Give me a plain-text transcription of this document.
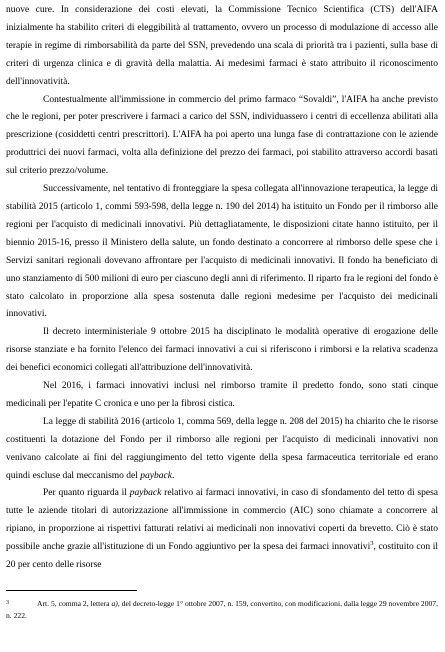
nuove cure. In considerazione dei costi elevati, la Commissione Tecnico Scientifica (CTS) dell'AIFA inizialmente ha stabilito criteri di eleggibilità al trattamento, ovvero un processo di modulazione di accesso alle terapie in regime di rimborsabilità da parte del SSN, prevedendo una scala di priorità tra i pazienti, sulla base di criteri di urgenza clinica e di gravità della malattia. Ai medesimi farmaci è stato attribuito il riconoscimento dell'innovatività.

Contestualmente all'immissione in commercio del primo farmaco “Sovaldi”, l'AIFA ha anche previsto che le regioni, per poter prescrivere i farmaci a carico del SSN, individuassero i centri di eccellenza abilitati alla prescrizione (cosiddetti centri prescrittori). L'AIFA ha poi aperto una lunga fase di contrattazione con le aziende produttrici dei nuovi farmaci, volta alla definizione del prezzo dei farmaci, poi stabilito attraverso accordi basati sul criterio prezzo/volume.

Successivamente, nel tentativo di fronteggiare la spesa collegata all'innovazione terapeutica, la legge di stabilità 2015 (articolo 1, commi 593-598, della legge n. 190 del 2014) ha istituito un Fondo per il rimborso alle regioni per l'acquisto di medicinali innovativi. Più dettagliatamente, le disposizioni citate hanno istituito, per il biennio 2015-16, presso il Ministero della salute, un fondo destinato a concorrere al rimborso delle spese che i Servizi sanitari regionali dovevano affrontare per l'acquisto di medicinali innovativi. Il fondo ha beneficiato di uno stanziamento di 500 milioni di euro per ciascuno degli anni di riferimento. Il riparto fra le regioni del fondo è stato calcolato in proporzione alla spesa sostenuta dalle regioni medesime per l'acquisto dei medicinali innovativi.

Il decreto interministeriale 9 ottobre 2015 ha disciplinato le modalità operative di erogazione delle risorse stanziate e ha fornito l'elenco dei farmaci innovativi a cui si riferiscono i rimborsi e la relativa scadenza dei benefici economici collegati all'attribuzione dell'innovatività.

Nel 2016, i farmaci innovativi inclusi nel rimborso tramite il predetto fondo, sono stati cinque medicinali per l'epatite C cronica e uno per la fibrosi cistica.

La legge di stabilità 2016 (articolo 1, comma 569, della legge n. 208 del 2015) ha chiarito che le risorse costituenti la dotazione del Fondo per il rimborso alle regioni per l'acquisto di medicinali innovativi non venivano calcolate ai fini del raggiungimento del tetto vigente della spesa farmaceutica territoriale ed erano quindi escluse dal meccanismo del payback.

Per quanto riguarda il payback relativo ai farmaci innovativi, in caso di sfondamento del tetto di spesa tutte le aziende titolari di autorizzazione all'immissione in commercio (AIC) sono chiamate a concorrere al ripiano, in proporzione ai rispettivi fatturati relativi ai medicinali non innovativi coperti da brevetto. Ciò è stato possibile anche grazie all'istituzione di un Fondo aggiuntivo per la spesa dei farmaci innovativi$^3$, costituito con il 20 per cento delle risorse

3	Art. 5, comma 2, lettera a), del decreto-legge 1° ottobre 2007, n. 159, convertito, con modificazioni, dalla legge 29 novembre 2007, n. 222.
